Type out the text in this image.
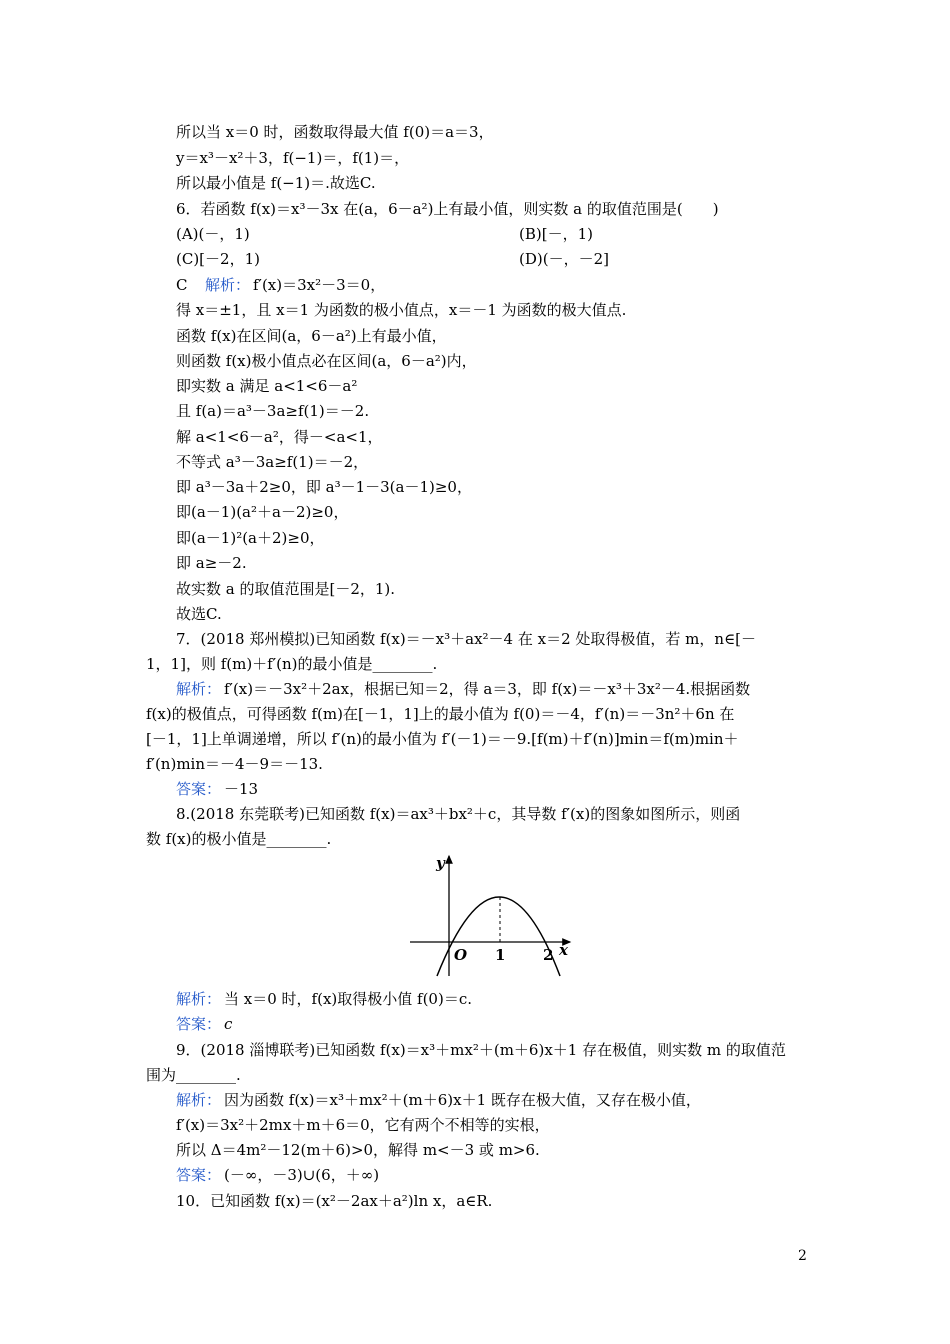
所以当 x＝0 时，函数取得最大值 f(0)＝a＝3，
y＝x³－x²＋3，f(−1)＝，f(1)＝，
所以最小值是 f(−1)＝.故选C.
6．若函数 f(x)＝x³－3x 在(a，6－a²)上有最小值，则实数 a 的取值范围是(　　)
(A)(－，1)	(B)[－，1)
(C)[－2，1)	(D)(－，－2]
C 解析： f′(x)＝3x²－3＝0，
得 x＝±1，且 x＝1 为函数的极小值点，x＝－1 为函数的极大值点.
函数 f(x)在区间(a，6－a²)上有最小值，
则函数 f(x)极小值点必在区间(a，6－a²)内，
即实数 a 满足 a<1<6－a²
且 f(a)＝a³－3a≥f(1)＝－2.
解 a<1<6－a²，得－<a<1，
不等式 a³－3a≥f(1)＝－2，
即 a³－3a＋2≥0，即 a³－1－3(a－1)≥0，
即(a－1)(a²＋a－2)≥0，
即(a－1)²(a＋2)≥0，
即 a≥－2.
故实数 a 的取值范围是[－2，1).
故选C.
7．(2018 郑州模拟)已知函数 f(x)＝－x³＋ax²－4 在 x＝2 处取得极值，若 m，n∈[－
1，1]，则 f(m)＋f′(n)的最小值是________.
解析： f′(x)＝－3x²＋2ax，根据已知＝2，得 a＝3，即 f(x)＝－x³＋3x²－4.根据函数
f(x)的极值点，可得函数 f(m)在[－1，1]上的最小值为 f(0)＝－4，f′(n)＝－3n²＋6n 在
[－1，1]上单调递增，所以 f′(n)的最小值为 f′(－1)＝－9.[f(m)＋f′(n)]min＝f(m)min＋
f′(n)min＝－4－9＝－13.
答案： －13
8.(2018 东莞联考)已知函数 f(x)＝ax³＋bx²＋c，其导数 f′(x)的图象如图所示，则函
数 f(x)的极小值是________.
y
O 1	2 x
解析： 当 x＝0 时，f(x)取得极小值 f(0)＝c.
答案： c
9．(2018 淄博联考)已知函数 f(x)＝x³＋mx²＋(m＋6)x＋1 存在极值，则实数 m 的取值范
围为________.
解析： 因为函数 f(x)＝x³＋mx²＋(m＋6)x＋1 既存在极大值，又存在极小值，
f′(x)＝3x²＋2mx＋m＋6＝0，它有两个不相等的实根，
所以 Δ＝4m²－12(m＋6)>0，解得 m<－3 或 m>6.
答案： (－∞，－3)∪(6，＋∞)
10．已知函数 f(x)＝(x²－2ax＋a²)ln x，a∈R.
2
